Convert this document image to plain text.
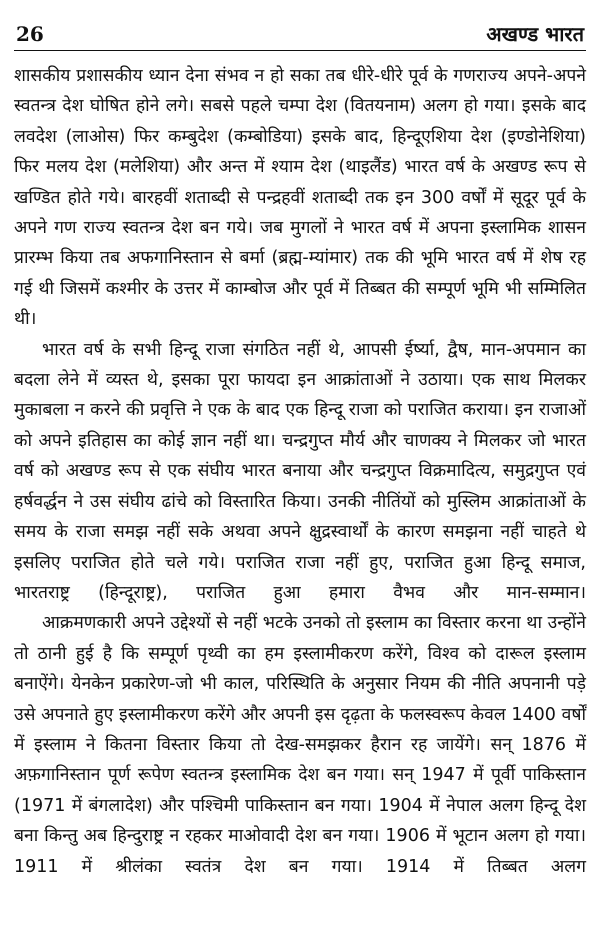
26	अखण्ड भारत

शासकीय प्रशासकीय ध्यान देना संभव न हो सका तब धीरे-धीरे पूर्व के गणराज्य अपने-अपने स्वतन्त्र देश घोषित होने लगे। सबसे पहले चम्पा देश (वितयनाम) अलग हो गया। इसके बाद लवदेश (लाओस) फिर कम्बुदेश (कम्बोडिया) इसके बाद, हिन्दूएशिया देश (इण्डोनेशिया) फिर मलय देश (मलेशिया) और अन्त में श्याम देश (थाइलैंड) भारत वर्ष के अखण्ड रूप से खण्डित होते गये। बारहवीं शताब्दी से पन्द्रहवीं शताब्दी तक इन 300 वर्षों में सूदूर पूर्व के अपने गण राज्य स्वतन्त्र देश बन गये। जब मुगलों ने भारत वर्ष में अपना इस्लामिक शासन प्रारम्भ किया तब अफगानिस्तान से बर्मा (ब्रह्म-म्यांमार) तक की भूमि भारत वर्ष में शेष रह गई थी जिसमें कश्मीर के उत्तर में काम्बोज और पूर्व में तिब्बत की सम्पूर्ण भूमि भी सम्मिलित थी।

भारत वर्ष के सभी हिन्दू राजा संगठित नहीं थे, आपसी ईर्ष्या, द्वैष, मान-अपमान का बदला लेने में व्यस्त थे, इसका पूरा फायदा इन आक्रांताओं ने उठाया। एक साथ मिलकर मुकाबला न करने की प्रवृत्ति ने एक के बाद एक हिन्दू राजा को पराजित कराया। इन राजाओं को अपने इतिहास का कोई ज्ञान नहीं था। चन्द्रगुप्त मौर्य और चाणक्य ने मिलकर जो भारत वर्ष को अखण्ड रूप से एक संघीय भारत बनाया और चन्द्रगुप्त विक्रमादित्य, समुद्रगुप्त एवं हर्षवर्द्धन ने उस संघीय ढांचे को विस्तारित किया। उनकी नीतिंयों को मुस्लिम आक्रांताओं के समय के राजा समझ नहीं सके अथवा अपने क्षुद्रस्वार्थों के कारण समझना नहीं चाहते थे इसलिए पराजित होते चले गये। पराजित राजा नहीं हुए, पराजित हुआ हिन्दू समाज, भारतराष्ट्र (हिन्दूराष्ट्र), पराजित हुआ हमारा वैभव और मान-सम्मान।

आक्रमणकारी अपने उद्देश्यों से नहीं भटके उनको तो इस्लाम का विस्तार करना था उन्होंने तो ठानी हुई है कि सम्पूर्ण पृथ्वी का हम इस्लामीकरण करेंगे, विश्व को दारूल इस्लाम बनाऐंगे। येनकेन प्रकारेण-जो भी काल, परिस्थिति के अनुसार नियम की नीति अपनानी पड़े उसे अपनाते हुए इस्लामीकरण करेंगे और अपनी इस दृढ़ता के फलस्वरूप केवल 1400 वर्षों में इस्लाम ने कितना विस्तार किया तो देख-समझकर हैरान रह जायेंगे। सन् 1876 में अफ़गानिस्तान पूर्ण रूपेण स्वतन्त्र इस्लामिक देश बन गया। सन् 1947 में पूर्वी पाकिस्तान (1971 में बंगलादेश) और पश्चिमी पाकिस्तान बन गया। 1904 में नेपाल अलग हिन्दू देश बना किन्तु अब हिन्दुराष्ट्र न रहकर माओवादी देश बन गया। 1906 में भूटान अलग हो गया। 1911 में श्रीलंका स्वतंत्र देश बन गया। 1914 में तिब्बत अलग
